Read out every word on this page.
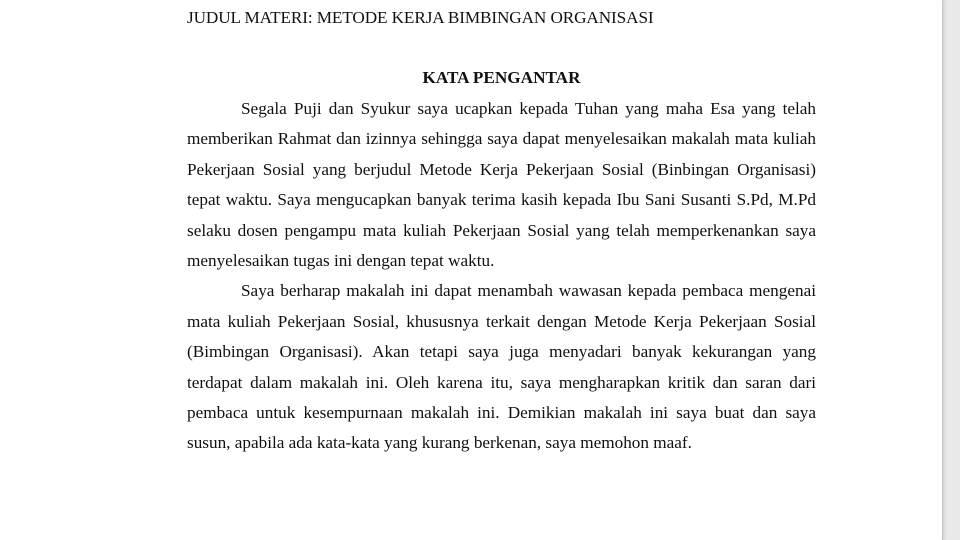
JUDUL MATERI: METODE KERJA BIMBINGAN ORGANISASI
KATA PENGANTAR

Segala Puji dan Syukur saya ucapkan kepada Tuhan yang maha Esa yang telah memberikan Rahmat dan izinnya sehingga saya dapat menyelesaikan makalah mata kuliah Pekerjaan Sosial yang berjudul Metode Kerja Pekerjaan Sosial (Binbingan Organisasi) tepat waktu. Saya mengucapkan banyak terima kasih kepada Ibu Sani Susanti S.Pd, M.Pd selaku dosen pengampu mata kuliah Pekerjaan Sosial yang telah memperkenankan saya menyelesaikan tugas ini dengan tepat waktu.

Saya berharap makalah ini dapat menambah wawasan kepada pembaca mengenai mata kuliah Pekerjaan Sosial, khususnya terkait dengan Metode Kerja Pekerjaan Sosial (Bimbingan Organisasi). Akan tetapi saya juga menyadari banyak kekurangan yang terdapat dalam makalah ini. Oleh karena itu, saya mengharapkan kritik dan saran dari pembaca untuk kesempurnaan makalah ini. Demikian makalah ini saya buat dan saya susun, apabila ada kata-kata yang kurang berkenan, saya memohon maaf.
